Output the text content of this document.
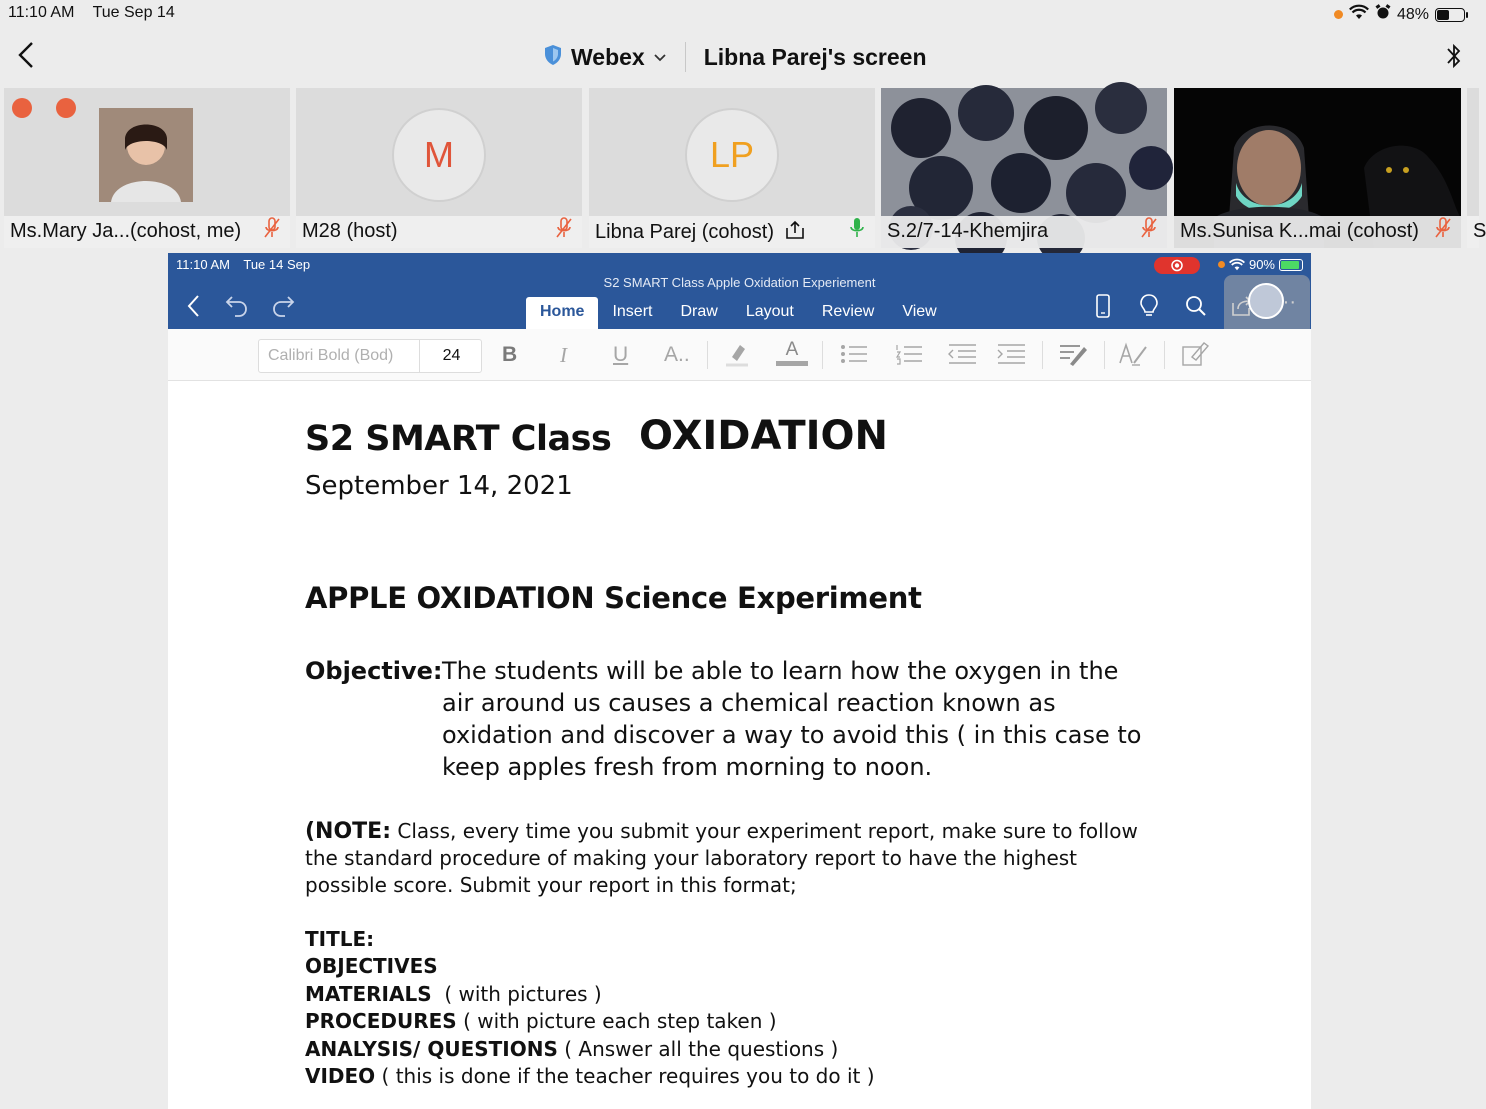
11:10 AM Tue Sep 14	48%
Webex	Libna Parej's screen
Ms.Mary Ja...(cohost, me)
M
M28 (host)
LP
Libna Parej (cohost)	S.2/7-14-Khemjira	Ms.Sunisa K...mai (cohost)	S
11:10 AM Tue 14 Sep
S2 SMART Class Apple Oxidation Experiement
90%
Home	Insert	Draw	Layout	Review	View
Calibri Bold (Bod)	24	B I U A..	A
S2 SMART Class OXIDATION
September 14, 2021
APPLE OXIDATION Science Experiment
Objective: The students will be able to learn how the oxygen in the
air around us causes a chemical reaction known as
oxidation and discover a way to avoid this ( in this case to
keep apples fresh from morning to noon.
(NOTE: Class, every time you submit your experiment report, make sure to follow
the standard procedure of making your laboratory report to have the highest
possible score. Submit your report in this format;
TITLE:
OBJECTIVES
MATERIALS ( with pictures )
PROCEDURES ( with picture each step taken )
ANALYSIS/ QUESTIONS ( Answer all the questions )
VIDEO ( this is done if the teacher requires you to do it )
